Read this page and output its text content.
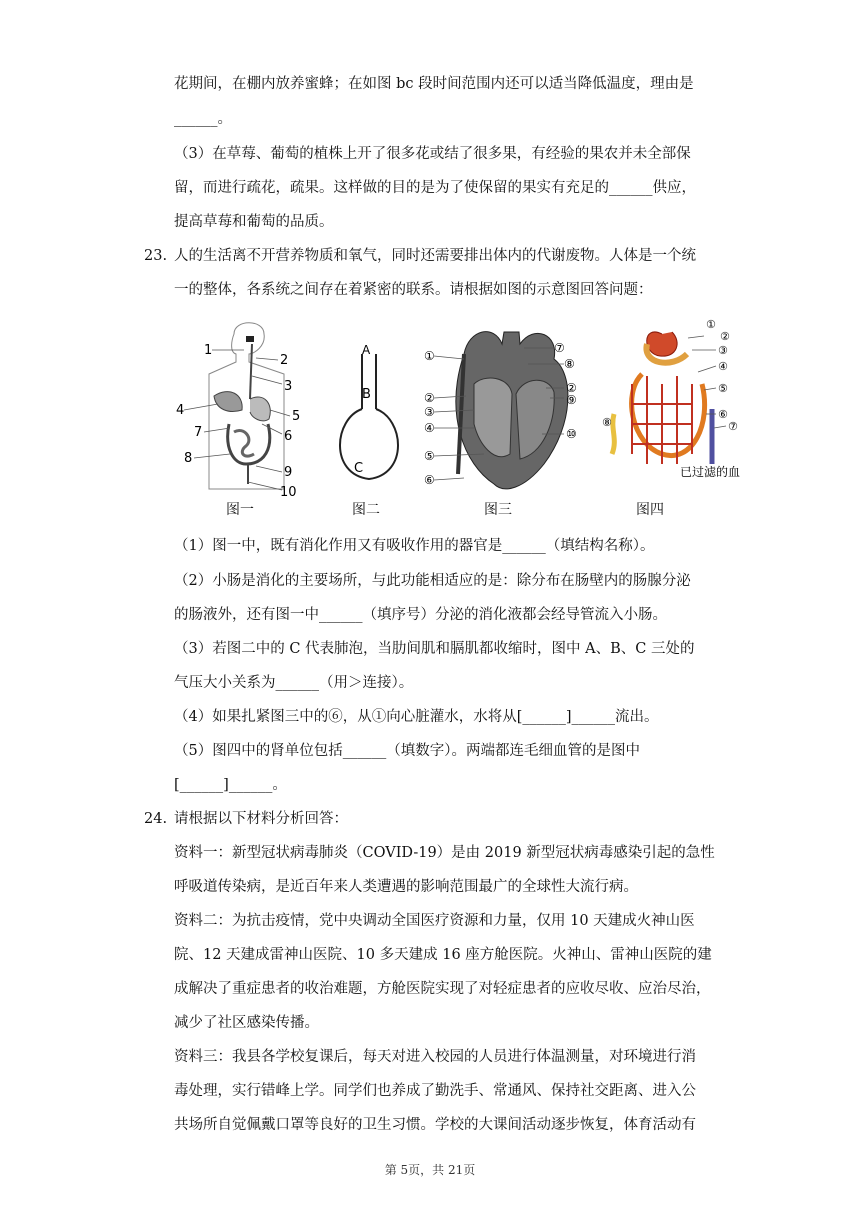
花期间，在棚内放养蜜蜂；在如图 bc 段时间范围内还可以适当降低温度，理由是
______。
（3）在草莓、葡萄的植株上开了很多花或结了很多果，有经验的果农并未全部保
留，而进行疏花，疏果。这样做的目的是为了使保留的果实有充足的______供应，
提高草莓和葡萄的品质。
23. 人的生活离不开营养物质和氧气，同时还需要排出体内的代谢废物。人体是一个统
一的整体，各系统之间存在着紧密的联系。请根据如图的示意图回答问题：
1
2
3
4	5
6
7
8
9
10
图一
A
B
C
图二
①
②
③
④
⑤
⑥
⑦
⑧
②
⑨
⑩
图三
①
②
③
④
⑤
⑥
⑦
⑧
已过滤的血
图四
（1）图一中，既有消化作用又有吸收作用的器官是______（填结构名称）。
（2）小肠是消化的主要场所，与此功能相适应的是：除分布在肠壁内的肠腺分泌
的肠液外，还有图一中______（填序号）分泌的消化液都会经导管流入小肠。
（3）若图二中的 C 代表肺泡，当肋间肌和膈肌都收缩时，图中 A、B、C 三处的
气压大小关系为______（用＞连接）。
（4）如果扎紧图三中的⑥，从①向心脏灌水，水将从[______]______流出。
（5）图四中的肾单位包括______（填数字）。两端都连毛细血管的是图中
[______]______。
24. 请根据以下材料分析回答：
资料一：新型冠状病毒肺炎（COVID-19）是由 2019 新型冠状病毒感染引起的急性
呼吸道传染病，是近百年来人类遭遇的影响范围最广的全球性大流行病。
资料二：为抗击疫情，党中央调动全国医疗资源和力量，仅用 10 天建成火神山医
院、12 天建成雷神山医院、10 多天建成 16 座方舱医院。火神山、雷神山医院的建
成解决了重症患者的收治难题，方舱医院实现了对轻症患者的应收尽收、应治尽治，
减少了社区感染传播。
资料三：我县各学校复课后，每天对进入校园的人员进行体温测量，对环境进行消
毒处理，实行错峰上学。同学们也养成了勤洗手、常通风、保持社交距离、进入公
共场所自觉佩戴口罩等良好的卫生习惯。学校的大课间活动逐步恢复，体育活动有
第 5页，共 21页
